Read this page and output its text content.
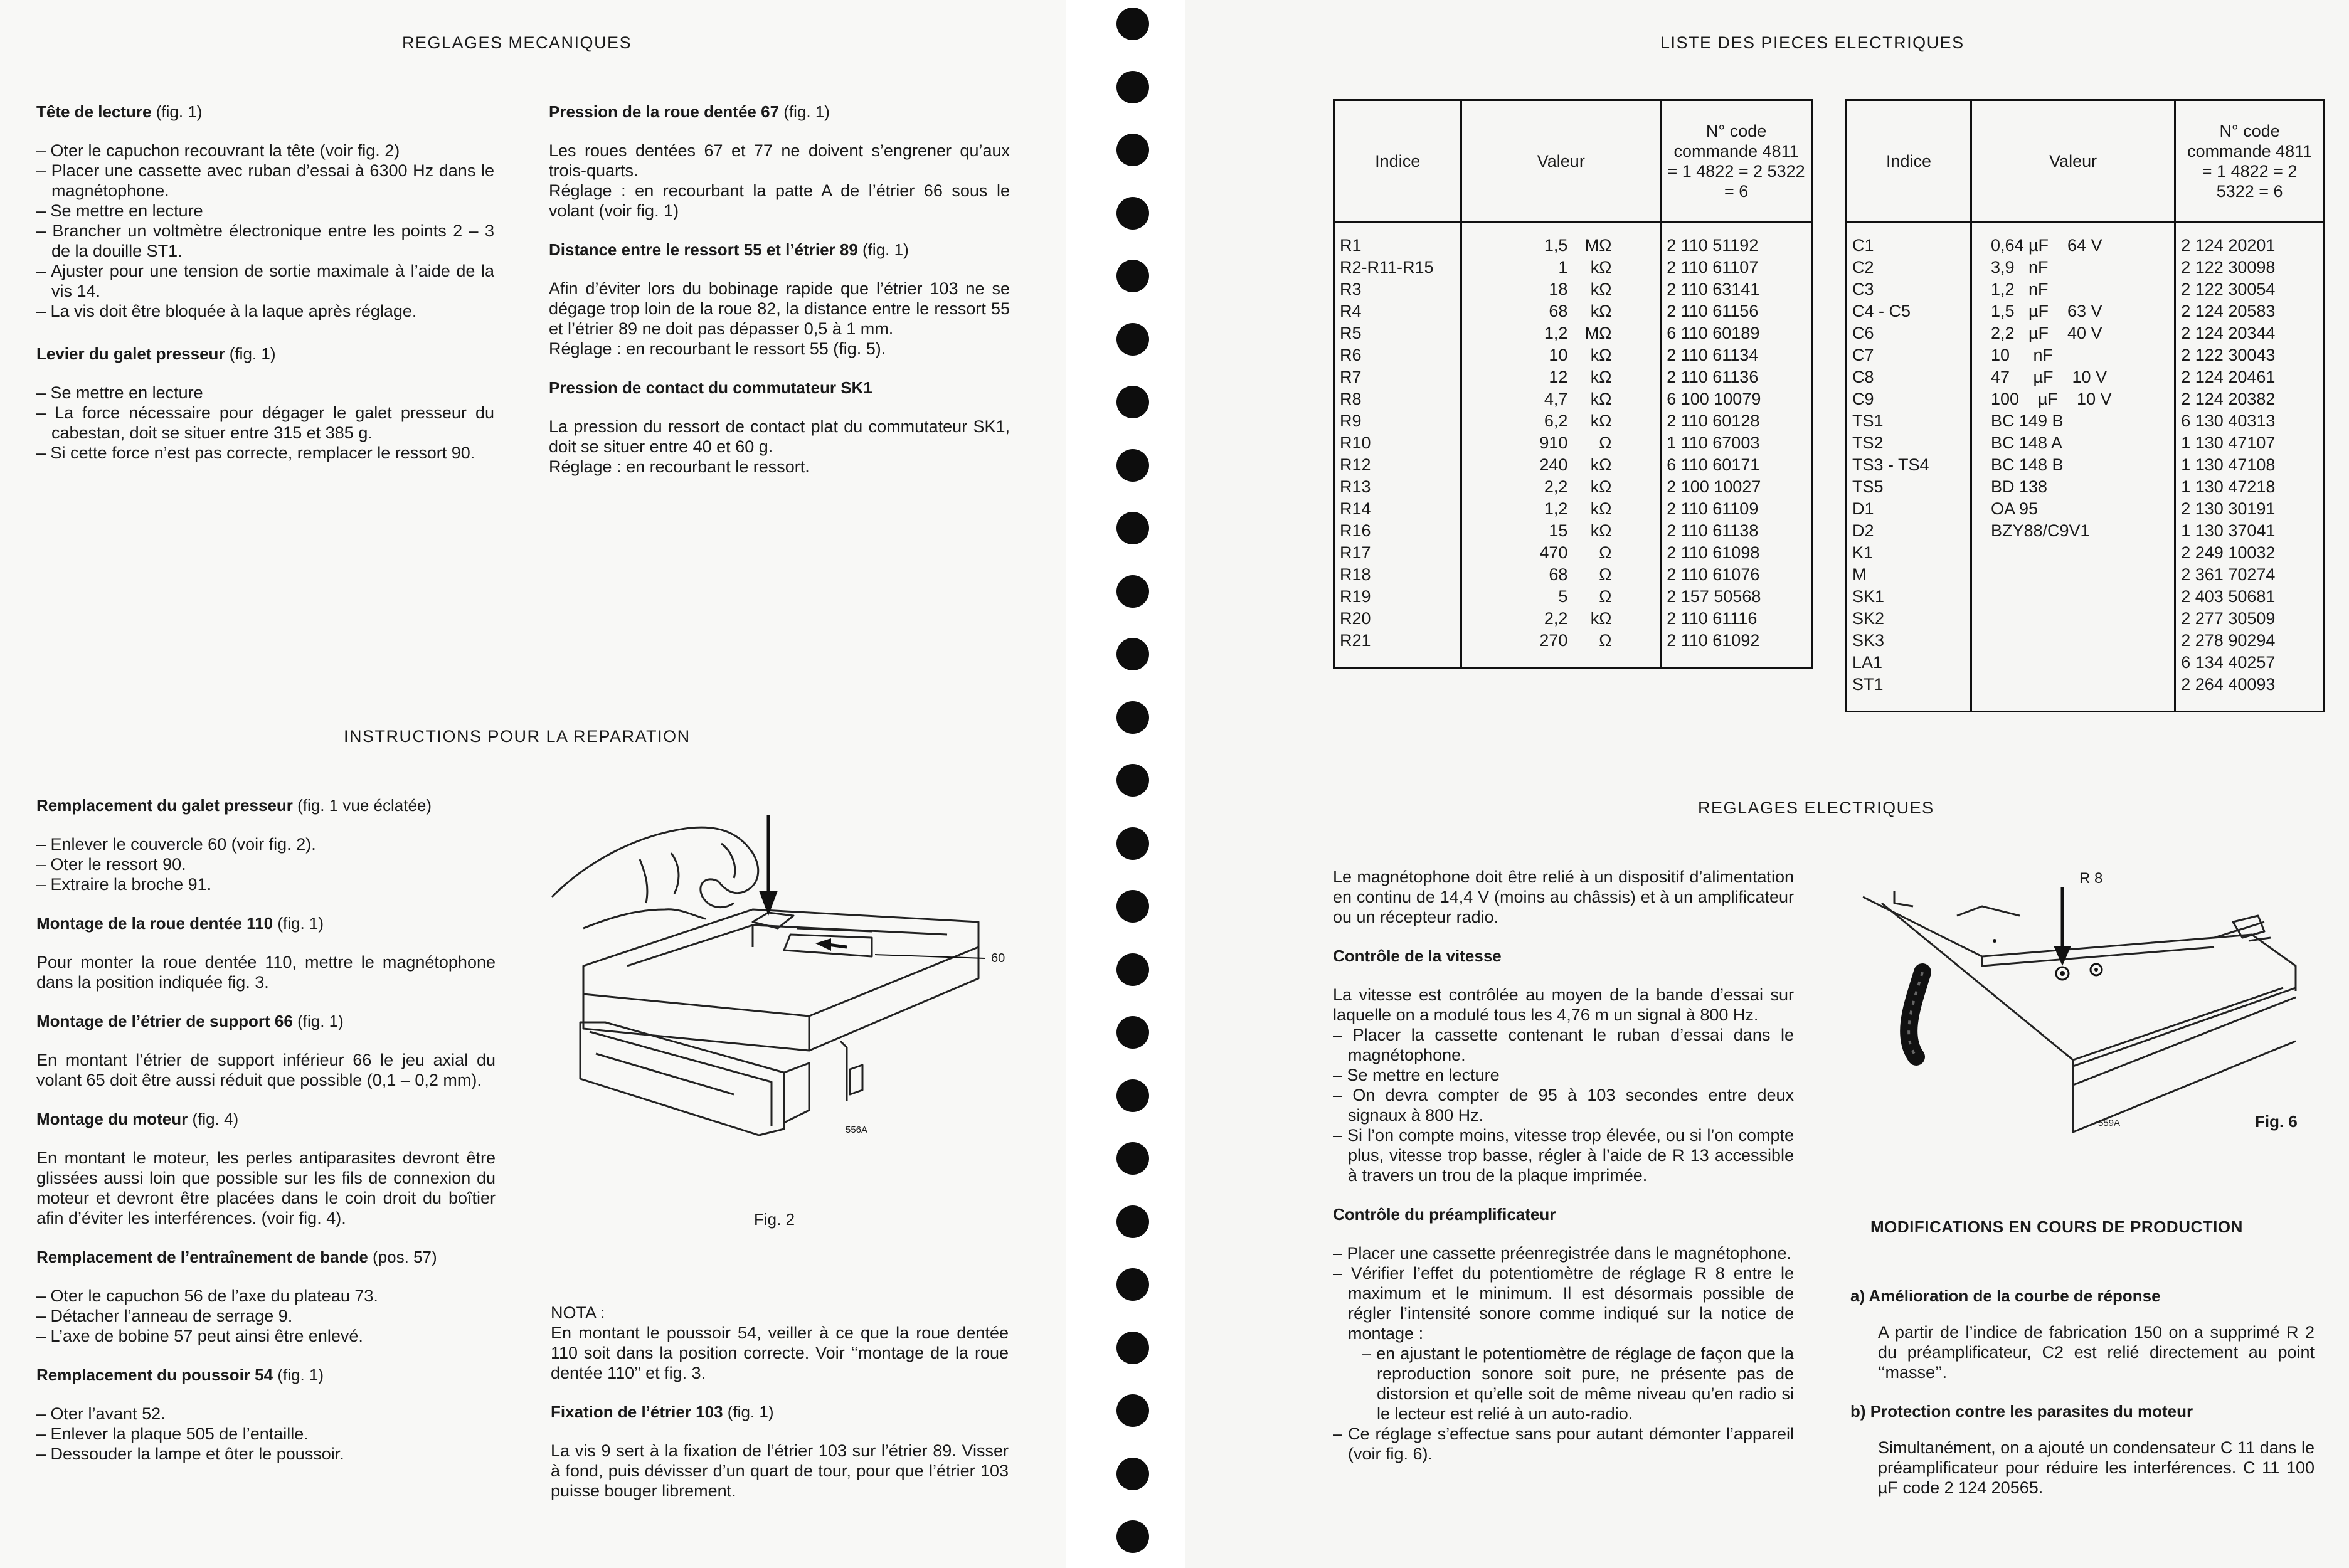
REGLAGES MECANIQUES
Tête de lecture (fig. 1)
– Oter le capuchon recouvrant la tête (voir fig. 2)
– Placer une cassette avec ruban d’essai à 6300 Hz dans le magnétophone.
– Se mettre en lecture
– Brancher un voltmètre électronique entre les points 2 – 3 de la douille ST1.
– Ajuster pour une tension de sortie maximale à l’aide de la vis 14.
– La vis doit être bloquée à la laque après réglage.
Levier du galet presseur (fig. 1)
– Se mettre en lecture
– La force nécessaire pour dégager le galet presseur du cabestan, doit se situer entre 315 et 385 g.
– Si cette force n’est pas correcte, remplacer le ressort 90.
Pression de la roue dentée 67 (fig. 1)

Les roues dentées 67 et 77 ne doivent s’engrener qu’aux trois-quarts.

Réglage : en recourbant la patte A de l’étrier 66 sous le volant (voir fig. 1)

Distance entre le ressort 55 et l’étrier 89 (fig. 1)

Afin d’éviter lors du bobinage rapide que l’étrier 103 ne se dégage trop loin de la roue 82, la distance entre le ressort 55 et l’étrier 89 ne doit pas dépasser 0,5 à 1 mm.

Réglage : en recourbant le ressort 55 (fig. 5).

Pression de contact du commutateur SK1

La pression du ressort de contact plat du commutateur SK1, doit se situer entre 40 et 60 g.

Réglage : en recourbant le ressort.

INSTRUCTIONS POUR LA REPARATION
Remplacement du galet presseur (fig. 1 vue éclatée)
– Enlever le couvercle 60 (voir fig. 2).
– Oter le ressort 90.
– Extraire la broche 91.
Montage de la roue dentée 110 (fig. 1)

Pour monter la roue dentée 110, mettre le magnétophone dans la position indiquée fig. 3.

Montage de l’étrier de support 66 (fig. 1)

En montant l’étrier de support inférieur 66 le jeu axial du volant 65 doit être aussi réduit que possible (0,1 – 0,2 mm).

Montage du moteur (fig. 4)

En montant le moteur, les perles antiparasites devront être glissées aussi loin que possible sur les fils de connexion du moteur et devront être placées dans le coin droit du boîtier afin d’éviter les interférences. (voir fig. 4).

Remplacement de l’entraînement de bande (pos. 57)
– Oter le capuchon 56 de l’axe du plateau 73.
– Détacher l’anneau de serrage 9.
– L’axe de bobine 57 peut ainsi être enlevé.
Remplacement du poussoir 54 (fig. 1)
– Oter l’avant 52.
– Enlever la plaque 505 de l’entaille.
– Dessouder la lampe et ôter le poussoir.
60
556A
Fig. 2
NOTA :

En montant le poussoir 54, veiller à ce que la roue dentée 110 soit dans la position correcte. Voir ‘‘montage de la roue dentée 110’’ et fig. 3.

Fixation de l’étrier 103 (fig. 1)

La vis 9 sert à la fixation de l’étrier 103 sur l’étrier 89. Visser à fond, puis dévisser d’un quart de tour, pour que l’étrier 103 puisse bouger librement.

LISTE DES PIECES ELECTRIQUES
Indice	Valeur	N° code commande 4811 = 1 4822 = 2 5322 = 6
R1	1,5 MΩ	2 110 51192
R2-R11-R15	1 kΩ	2 110 61107
R3	18 kΩ	2 110 63141
R4	68 kΩ	2 110 61156
R5	1,2 MΩ	6 110 60189
R6	10 kΩ	2 110 61134
R7	12 kΩ	2 110 61136
R8	4,7 kΩ	6 100 10079
R9	6,2 kΩ	2 110 60128
R10	910 Ω	1 110 67003
R12	240 kΩ	6 110 60171
R13	2,2 kΩ	2 100 10027
R14	1,2 kΩ	2 110 61109
R16	15 kΩ	2 110 61138
R17	470 Ω	2 110 61098
R18	68 Ω	2 110 61076
R19	5 Ω	2 157 50568
R20	2,2 kΩ	2 110 61116
R21	270 Ω	2 110 61092
Indice	Valeur	N° code commande 4811 = 1 4822 = 2 5322 = 6
C1	0,64 µF    64 V	2 124 20201
C2	3,9   nF	2 122 30098
C3	1,2   nF	2 122 30054
C4 - C5	1,5   µF    63 V	2 124 20583
C6	2,2   µF    40 V	2 124 20344
C7	10     nF	2 122 30043
C8	47     µF    10 V	2 124 20461
C9	100    µF    10 V	2 124 20382
TS1	BC 149 B	6 130 40313
TS2	BC 148 A	1 130 47107
TS3 - TS4	BC 148 B	1 130 47108
TS5	BD 138	1 130 47218
D1	OA 95	2 130 30191
D2	BZY88/C9V1	1 130 37041
K1		2 249 10032
M		2 361 70274
SK1		2 403 50681
SK2		2 277 30509
SK3		2 278 90294
LA1		6 134 40257
ST1		2 264 40093
REGLAGES ELECTRIQUES

Le magnétophone doit être relié à un dispositif d’alimentation en continu de 14,4 V (moins au châssis) et à un amplificateur ou un récepteur radio.

Contrôle de la vitesse

La vitesse est contrôlée au moyen de la bande d’essai sur laquelle on a modulé tous les 4,76 m un signal à 800 Hz.

– Placer la cassette contenant le ruban d’essai dans le magnétophone.
– Se mettre en lecture
– On devra compter de 95 à 103 secondes entre deux signaux à 800 Hz.
– Si l’on compte moins, vitesse trop élevée, ou si l’on compte plus, vitesse trop basse, régler à l’aide de R 13 accessible à travers un trou de la plaque imprimée.
Contrôle du préamplificateur
– Placer une cassette préenregistrée dans le magnétophone.
– Vérifier l’effet du potentiomètre de réglage R 8 entre le maximum et le minimum. Il est désormais possible de régler l’intensité sonore comme indiqué sur la notice de montage :
– en ajustant le potentiomètre de réglage de façon que la reproduction sonore soit pure, ne présente pas de distorsion et qu’elle soit de même niveau qu’en radio si le lecteur est relié à un auto-radio.
– Ce réglage s’effectue sans pour autant démonter l’appareil (voir fig. 6).
R 8
559A	Fig. 6
MODIFICATIONS EN COURS DE PRODUCTION
a) Amélioration de la courbe de réponse

A partir de l’indice de fabrication 150 on a supprimé R 2 du préamplificateur, C2 est relié directement au point ‘‘masse’’.

b) Protection contre les parasites du moteur

Simultanément, on a ajouté un condensateur C 11 dans le préamplificateur pour réduire les interférences. C 11 100 µF code 2 124 20565.
